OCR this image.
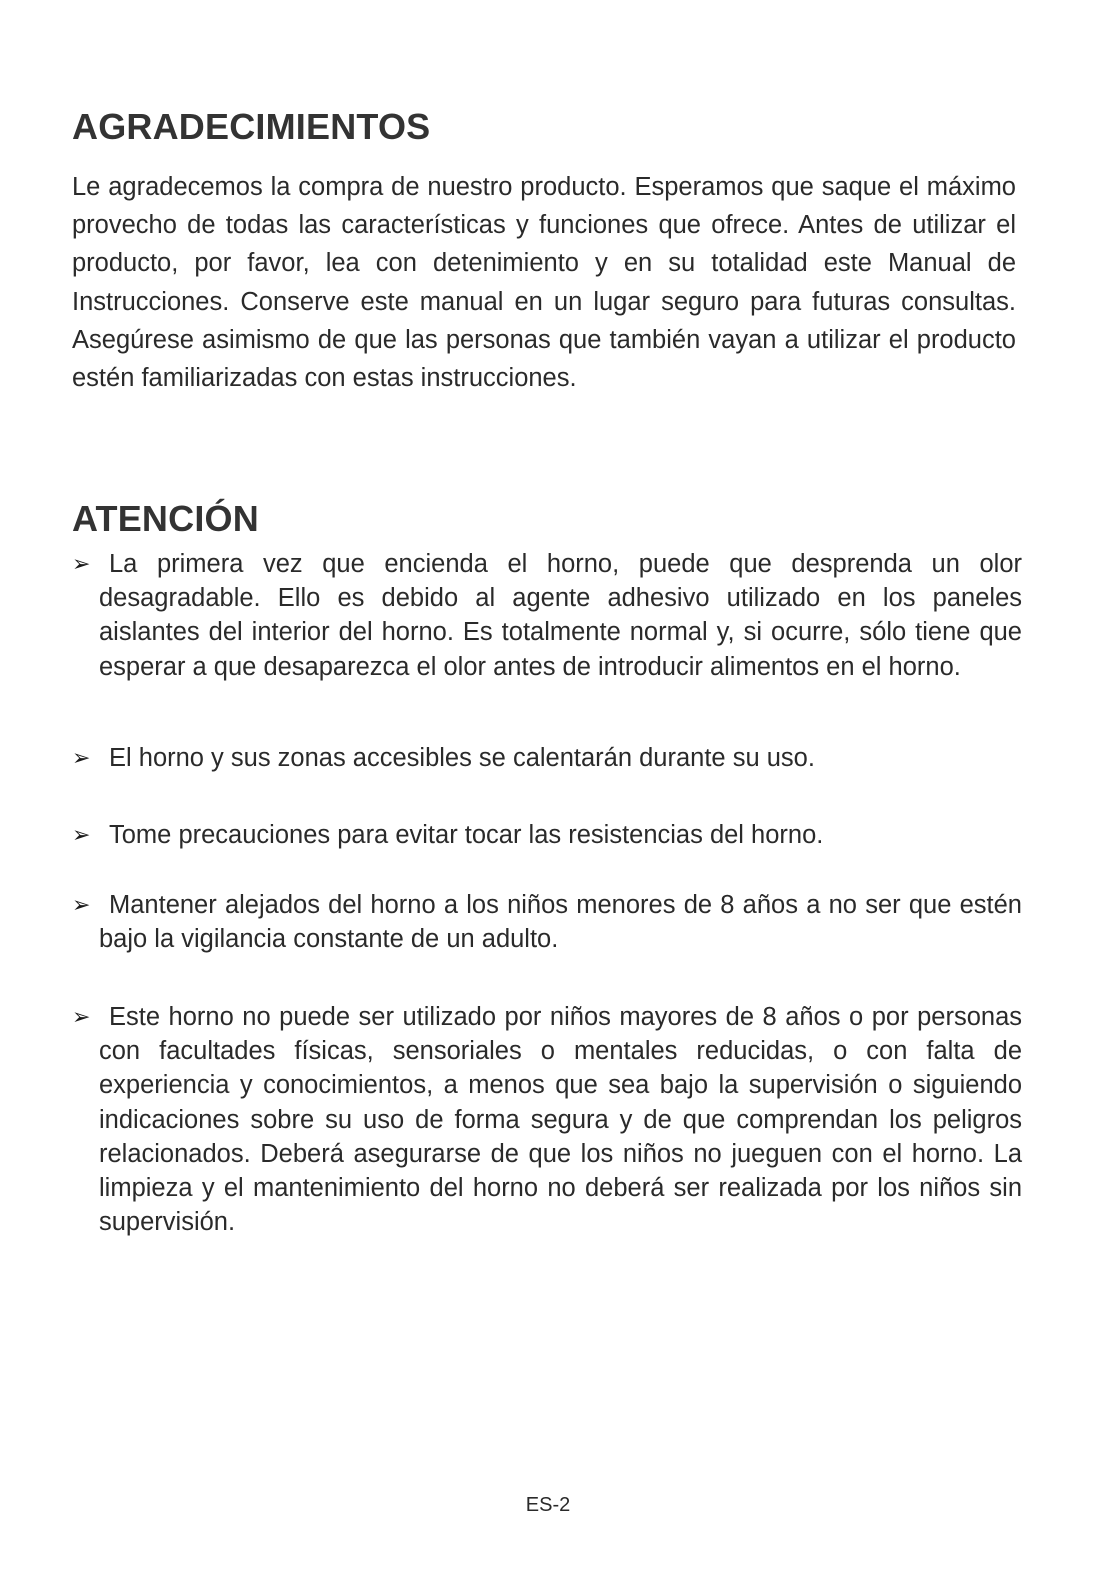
AGRADECIMIENTOS

Le agradecemos la compra de nuestro producto. Esperamos que saque el máximo provecho de todas las características y funciones que ofrece. Antes de utilizar el producto, por favor, lea con detenimiento y en su totalidad este Manual de Instrucciones. Conserve este manual en un lugar seguro para futuras consultas. Asegúrese asimismo de que las personas que también vayan a utilizar el producto estén familiarizadas con estas instrucciones.

ATENCIÓN
➢ La primera vez que encienda el horno, puede que desprenda un olor desagradable. Ello es debido al agente adhesivo utilizado en los paneles aislantes del interior del horno. Es totalmente normal y, si ocurre, sólo tiene que esperar a que desaparezca el olor antes de introducir alimentos en el horno.
➢ El horno y sus zonas accesibles se calentarán durante su uso.
➢ Tome precauciones para evitar tocar las resistencias del horno.
➢ Mantener alejados del horno a los niños menores de 8 años a no ser que estén bajo la vigilancia constante de un adulto.
➢ Este horno no puede ser utilizado por niños mayores de 8 años o por personas con facultades físicas, sensoriales o mentales reducidas, o con falta de experiencia y conocimientos, a menos que sea bajo la supervisión o siguiendo indicaciones sobre su uso de forma segura y de que comprendan los peligros relacionados. Deberá asegurarse de que los niños no jueguen con el horno. La limpieza y el mantenimiento del horno no deberá ser realizada por los niños sin supervisión.
ES-2
